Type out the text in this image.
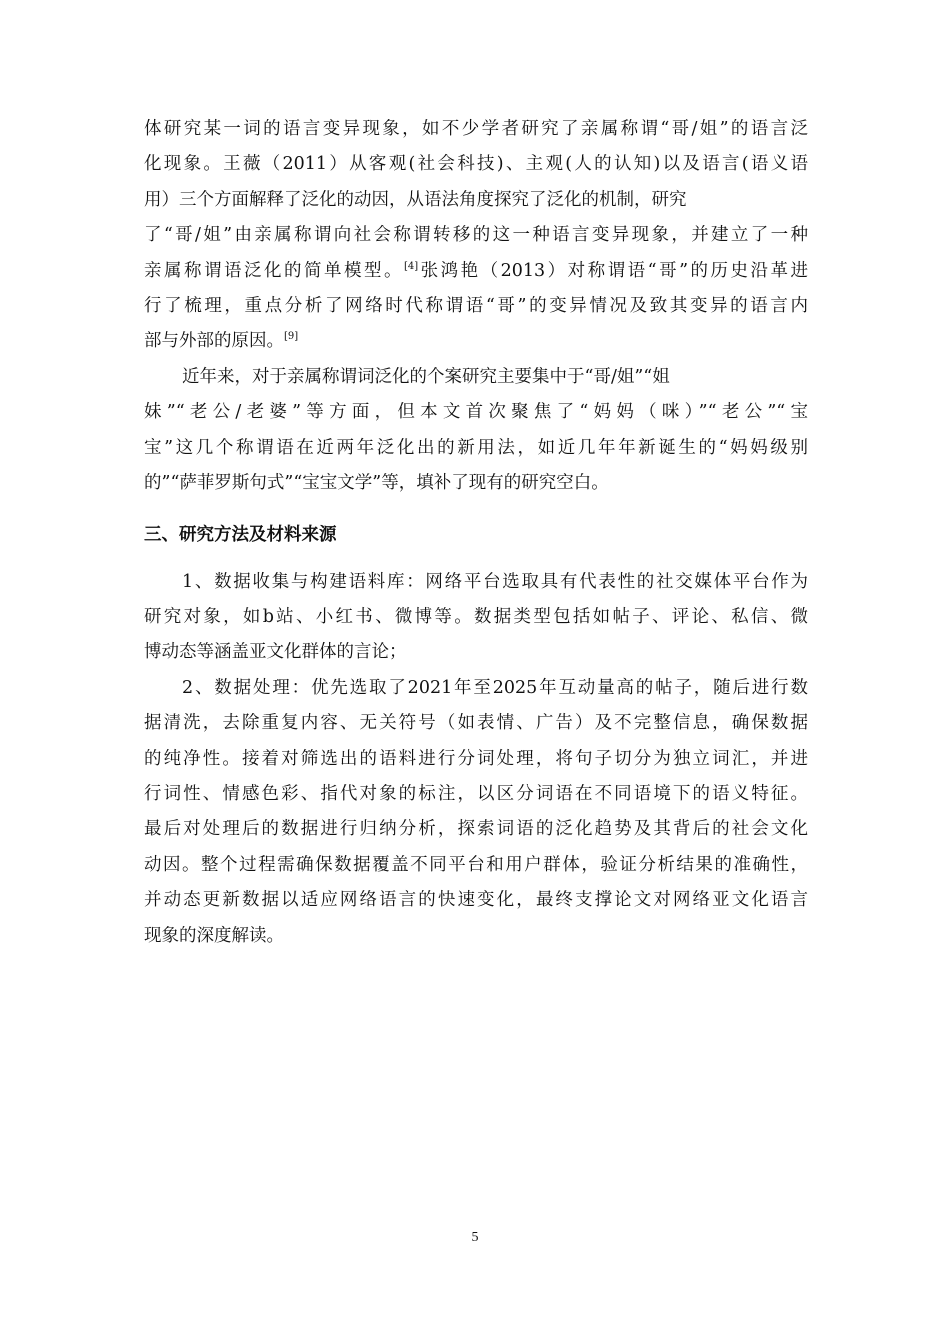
体研究某一词的语言变异现象，如不少学者研究了亲属称谓“哥/姐”的语言泛
化现象。王薇（2011）从客观(社会科技)、主观(人的认知)以及语言(语义语
用）三个方面解释了泛化的动因，从语法角度探究了泛化的机制，研究
了“哥/姐”由亲属称谓向社会称谓转移的这一种语言变异现象，并建立了一种
亲属称谓语泛化的简单模型。[4]张鸿艳（2013）对称谓语“哥”的历史沿革进
行了梳理，重点分析了网络时代称谓语“哥”的变异情况及致其变异的语言内
部与外部的原因。[9]
近年来，对于亲属称谓词泛化的个案研究主要集中于“哥/姐”“姐
妹”“老公/老婆”等方面，但本文首次聚焦了“妈妈（咪）”“老公”“宝
宝”这几个称谓语在近两年泛化出的新用法，如近几年年新诞生的“妈妈级别
的”“萨菲罗斯句式”“宝宝文学”等，填补了现有的研究空白。
三、研究方法及材料来源
1、数据收集与构建语料库：网络平台选取具有代表性的社交媒体平台作为
研究对象，如b站、小红书、微博等。数据类型包括如帖子、评论、私信、微
博动态等涵盖亚文化群体的言论；
2、数据处理：优先选取了2021年至2025年互动量高的帖子，随后进行数
据清洗，去除重复内容、无关符号（如表情、广告）及不完整信息，确保数据
的纯净性。接着对筛选出的语料进行分词处理，将句子切分为独立词汇，并进
行词性、情感色彩、指代对象的标注，以区分词语在不同语境下的语义特征。
最后对处理后的数据进行归纳分析，探索词语的泛化趋势及其背后的社会文化
动因。整个过程需确保数据覆盖不同平台和用户群体，验证分析结果的准确性，
并动态更新数据以适应网络语言的快速变化，最终支撑论文对网络亚文化语言
现象的深度解读。
5
